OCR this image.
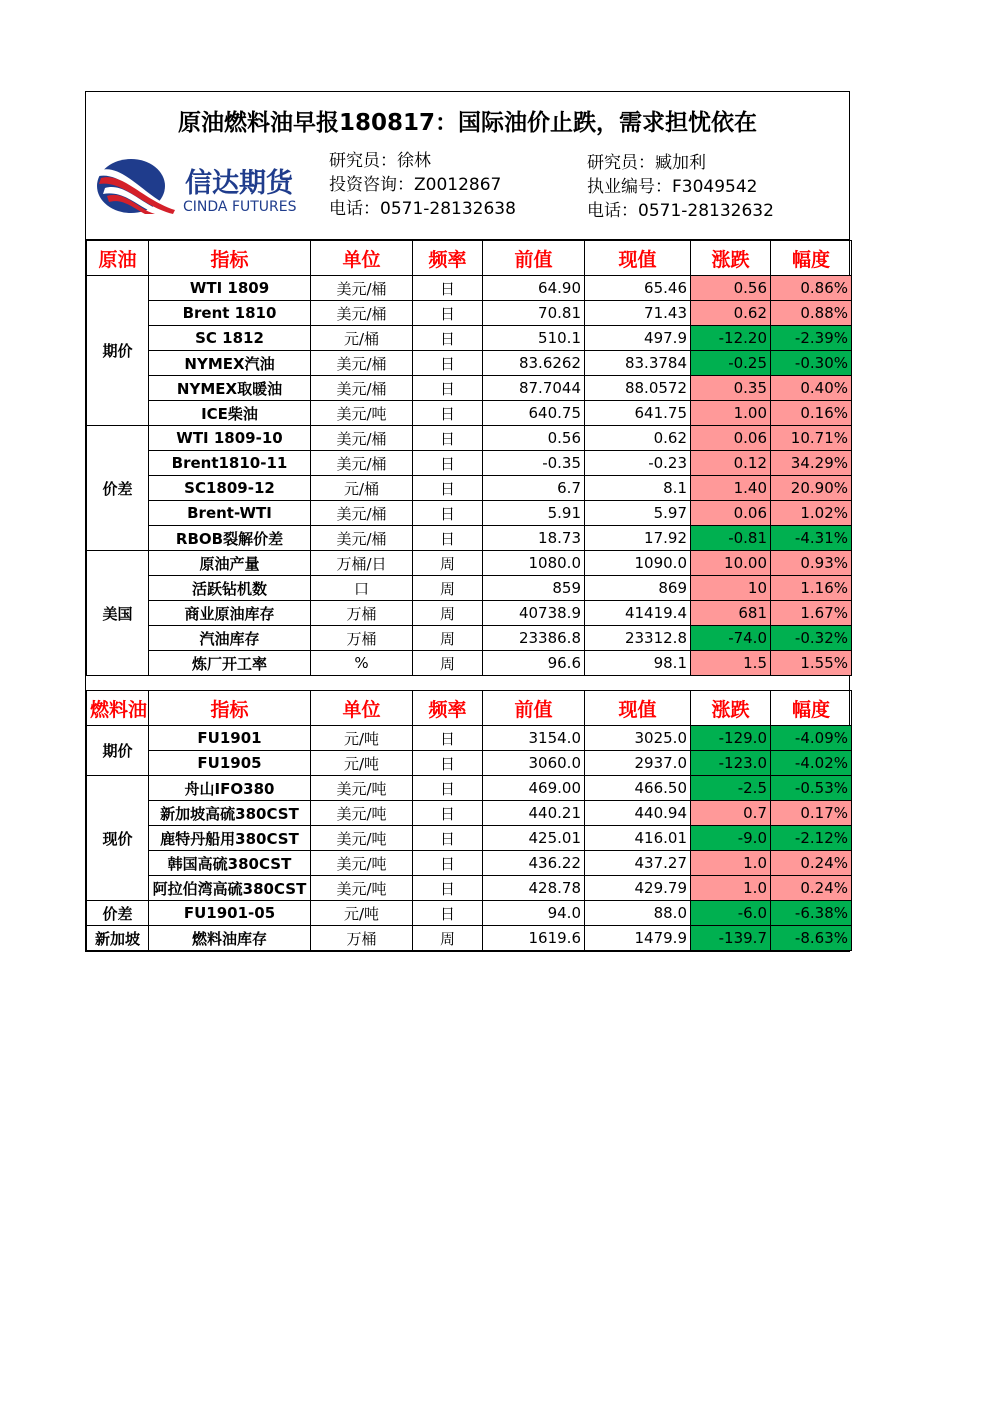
原油燃料油早报180817：国际油价止跌，需求担忧依在
信达期货
CINDA FUTURES
研究员：徐林
投资咨询：Z0012867
电话：0571-28132638
研究员：臧加利
执业编号：F3049542
电话：0571-28132632
原油	指标	单位	频率	前值	现值	涨跌	幅度
期价	WTI 1809	美元/桶	日	64.90	65.46	0.56	0.86%
	Brent 1810	美元/桶	日	70.81	71.43	0.62	0.88%
	SC 1812	元/桶	日	510.1	497.9	-12.20	-2.39%
	NYMEX汽油	美元/桶	日	83.6262	83.3784	-0.25	-0.30%
	NYMEX取暖油	美元/桶	日	87.7044	88.0572	0.35	0.40%
	ICE柴油	美元/吨	日	640.75	641.75	1.00	0.16%
价差	WTI 1809-10	美元/桶	日	0.56	0.62	0.06	10.71%
	Brent1810-11	美元/桶	日	-0.35	-0.23	0.12	34.29%
	SC1809-12	元/桶	日	6.7	8.1	1.40	20.90%
	Brent-WTI	美元/桶	日	5.91	5.97	0.06	1.02%
	RBOB裂解价差	美元/桶	日	18.73	17.92	-0.81	-4.31%
美国	原油产量	万桶/日	周	1080.0	1090.0	10.00	0.93%
	活跃钻机数	口	周	859	869	10	1.16%
	商业原油库存	万桶	周	40738.9	41419.4	681	1.67%
	汽油库存	万桶	周	23386.8	23312.8	-74.0	-0.32%
	炼厂开工率	%	周	96.6	98.1	1.5	1.55%

燃料油	指标	单位	频率	前值	现值	涨跌	幅度
期价	FU1901	元/吨	日	3154.0	3025.0	-129.0	-4.09%
	FU1905	元/吨	日	3060.0	2937.0	-123.0	-4.02%
现价	舟山IFO380	美元/吨	日	469.00	466.50	-2.5	-0.53%
	新加坡高硫380CST	美元/吨	日	440.21	440.94	0.7	0.17%
	鹿特丹船用380CST	美元/吨	日	425.01	416.01	-9.0	-2.12%
	韩国高硫380CST	美元/吨	日	436.22	437.27	1.0	0.24%
	阿拉伯湾高硫380CST	美元/吨	日	428.78	429.79	1.0	0.24%
价差	FU1901-05	元/吨	日	94.0	88.0	-6.0	-6.38%
新加坡	燃料油库存	万桶	周	1619.6	1479.9	-139.7	-8.63%
